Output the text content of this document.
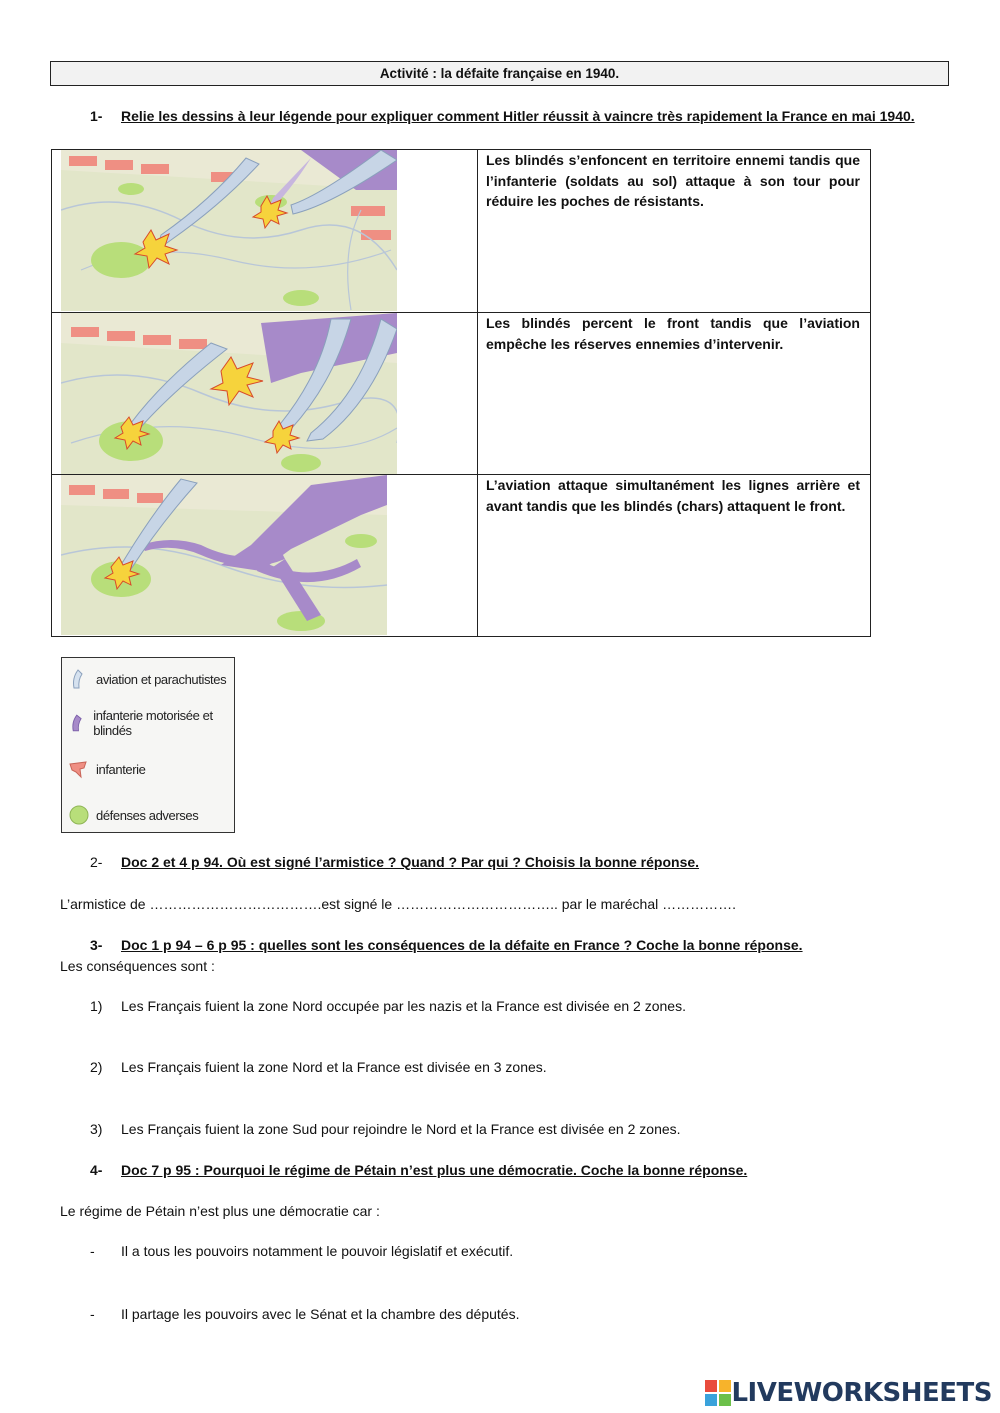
Activité : la défaite française en 1940.
1- Relie les dessins à leur légende pour expliquer comment Hitler réussit à vaincre très rapidement la France en mai 1940.
Les blindés s’enfoncent en territoire ennemi tandis que l’infanterie (soldats au sol) attaque à son tour pour réduire les poches de résistants.
Les blindés percent le front tandis que l’aviation empêche les réserves ennemies d’intervenir.
L’aviation attaque simultanément les lignes arrière et avant tandis que les blindés (chars) attaquent le front.
aviation et parachutistes
infanterie motorisée et blindés
infanterie
défenses adverses
2- Doc 2 et 4 p 94. Où est signé l’armistice ? Quand ? Par qui ? Choisis la bonne réponse.
L’armistice de ……………………………….est signé le …………………………….. par le maréchal …………….
3- Doc 1 p 94 – 6 p 95 : quelles sont les conséquences de la défaite en France ? Coche la bonne réponse.
Les conséquences sont :
1) Les Français fuient la zone Nord occupée par les nazis et la France est divisée en 2 zones.
2) Les Français fuient la zone Nord et la France est divisée en 3 zones.
3) Les Français fuient la zone Sud pour rejoindre le Nord et la France est divisée en 2 zones.
4- Doc 7 p 95 : Pourquoi le régime de Pétain n’est plus une démocratie. Coche la bonne réponse.
Le régime de Pétain n’est plus une démocratie car :
- Il a tous les pouvoirs notamment le pouvoir législatif et exécutif.
- Il partage les pouvoirs avec le Sénat et la chambre des députés.
LIVEWORKSHEETS
